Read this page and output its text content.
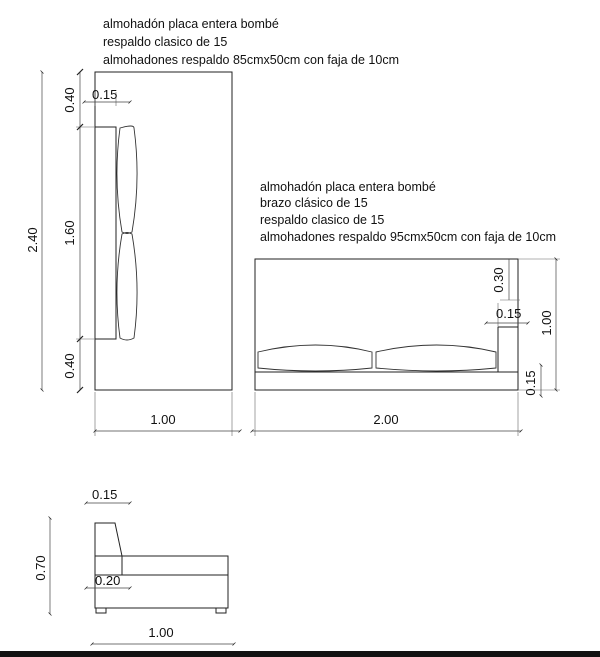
almohadón placa entera bombé
respaldo clasico de 15
almohadones respaldo 85cmx50cm con faja de 10cm
0.15
2.40
0.40
1.60
0.40
1.00
almohadón placa entera bombé
brazo clásico de 15
respaldo clasico de 15
almohadones respaldo 95cmx50cm con faja de 10cm
0.30
0.15 1.00
0.15
2.00
0.15
0.20
0.70
1.00
